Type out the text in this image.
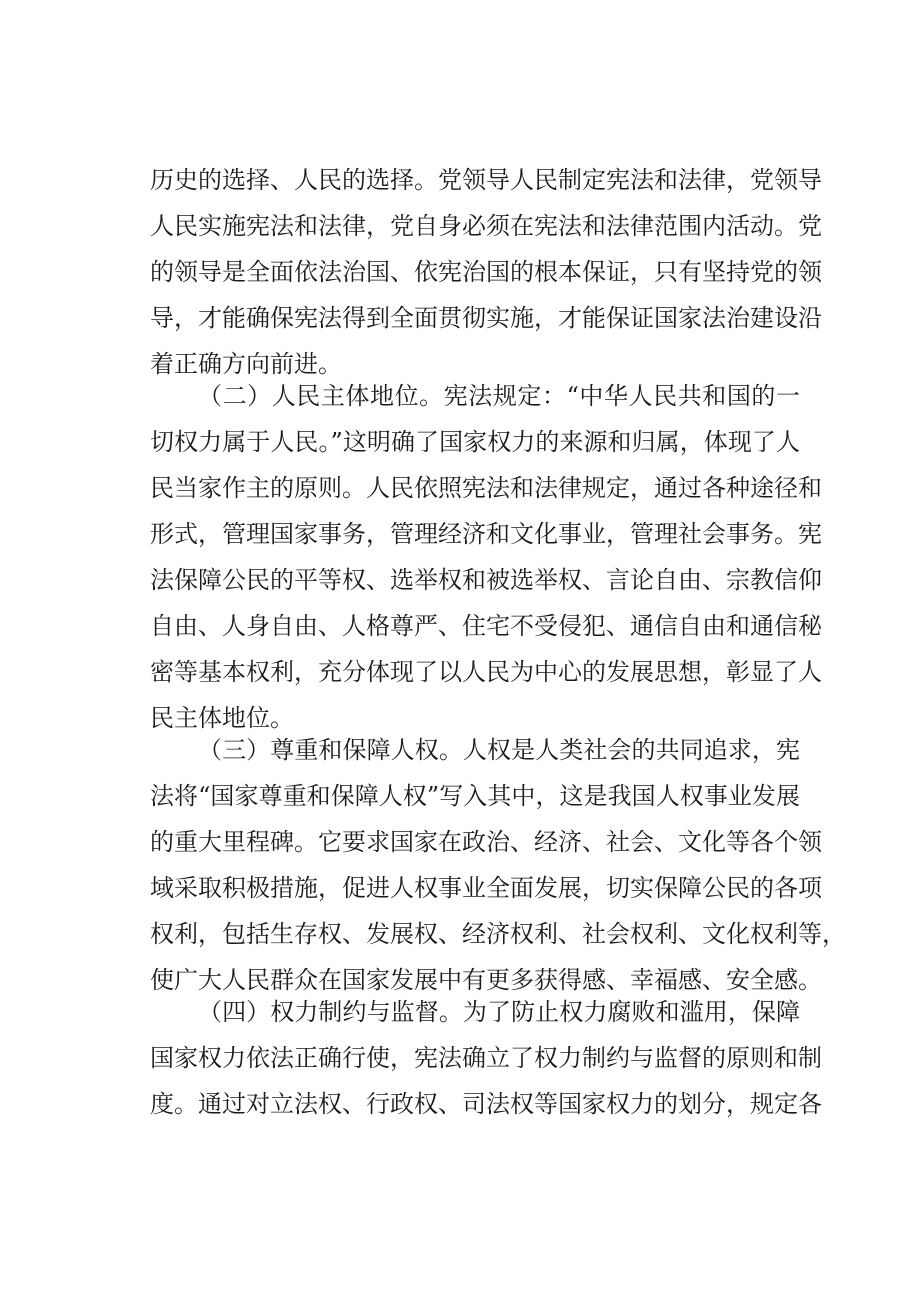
历史的选择、人民的选择。党领导人民制定宪法和法律，党领导
人民实施宪法和法律，党自身必须在宪法和法律范围内活动。党
的领导是全面依法治国、依宪治国的根本保证，只有坚持党的领
导，才能确保宪法得到全面贯彻实施，才能保证国家法治建设沿
着正确方向前进。
（二）人民主体地位。宪法规定：“中华人民共和国的一
切权力属于人民。”这明确了国家权力的来源和归属，体现了人
民当家作主的原则。人民依照宪法和法律规定，通过各种途径和
形式，管理国家事务，管理经济和文化事业，管理社会事务。宪
法保障公民的平等权、选举权和被选举权、言论自由、宗教信仰
自由、人身自由、人格尊严、住宅不受侵犯、通信自由和通信秘
密等基本权利，充分体现了以人民为中心的发展思想，彰显了人
民主体地位。
（三）尊重和保障人权。人权是人类社会的共同追求，宪
法将“国家尊重和保障人权”写入其中，这是我国人权事业发展
的重大里程碑。它要求国家在政治、经济、社会、文化等各个领
域采取积极措施，促进人权事业全面发展，切实保障公民的各项
权利，包括生存权、发展权、经济权利、社会权利、文化权利等，
使广大人民群众在国家发展中有更多获得感、幸福感、安全感。
（四）权力制约与监督。为了防止权力腐败和滥用，保障
国家权力依法正确行使，宪法确立了权力制约与监督的原则和制
度。通过对立法权、行政权、司法权等国家权力的划分，规定各
